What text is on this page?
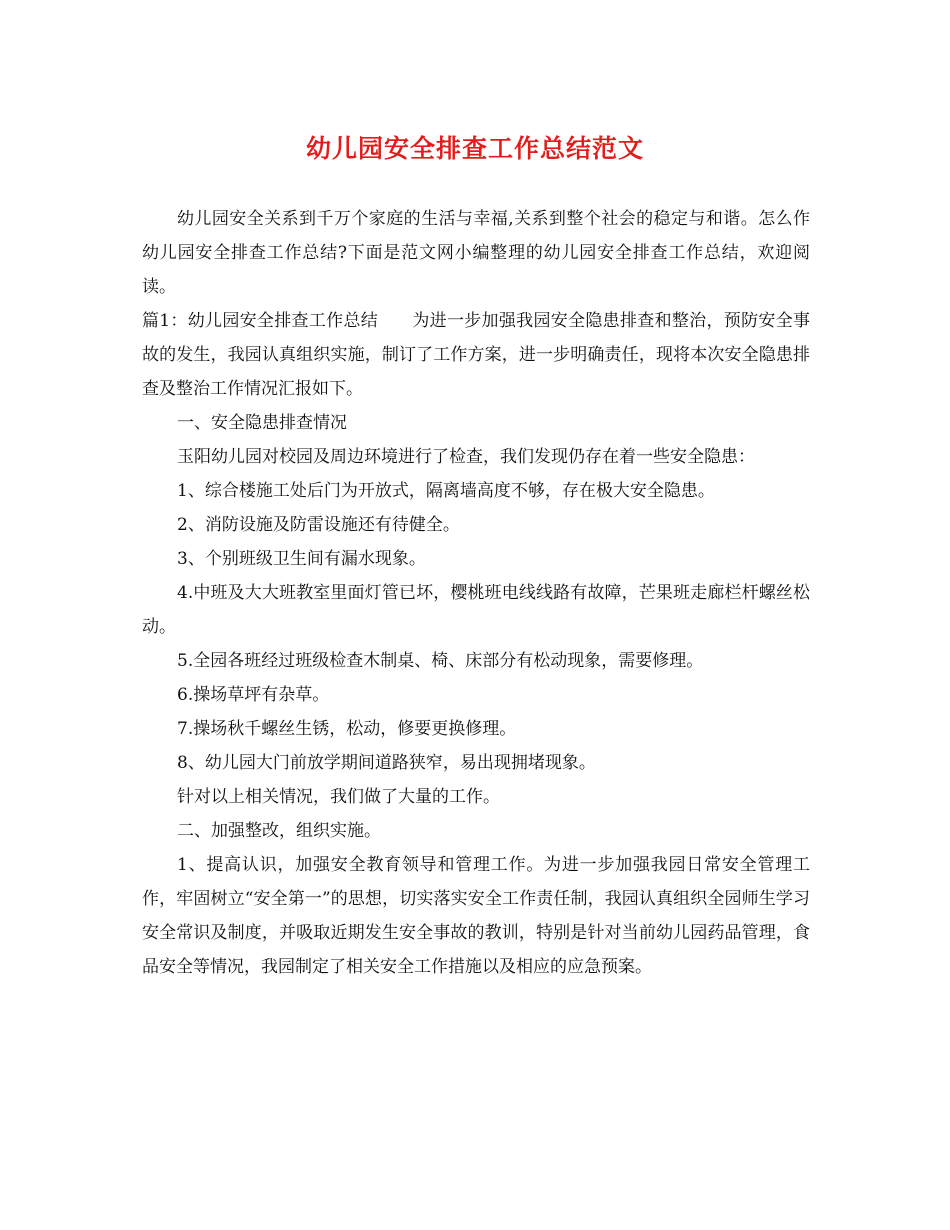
幼儿园安全排查工作总结范文

幼儿园安全关系到千万个家庭的生活与幸福,关系到整个社会的稳定与和谐。怎么作幼儿园安全排查工作总结?下面是范文网小编整理的幼儿园安全排查工作总结，欢迎阅读。

篇1：幼儿园安全排查工作总结 为进一步加强我园安全隐患排查和整治，预防安全事故的发生，我园认真组织实施，制订了工作方案，进一步明确责任，现将本次安全隐患排查及整治工作情况汇报如下。

一、安全隐患排查情况

玉阳幼儿园对校园及周边环境进行了检查，我们发现仍存在着一些安全隐患：

1、综合楼施工处后门为开放式，隔离墙高度不够，存在极大安全隐患。

2、消防设施及防雷设施还有待健全。

3、个别班级卫生间有漏水现象。

4.中班及大大班教室里面灯管已坏，樱桃班电线线路有故障，芒果班走廊栏杆螺丝松动。

5.全园各班经过班级检查木制桌、椅、床部分有松动现象，需要修理。

6.操场草坪有杂草。

7.操场秋千螺丝生锈，松动，修要更换修理。

8、幼儿园大门前放学期间道路狭窄，易出现拥堵现象。

针对以上相关情况，我们做了大量的工作。

二、加强整改，组织实施。

1、提高认识，加强安全教育领导和管理工作。为进一步加强我园日常安全管理工作，牢固树立“安全第一”的思想，切实落实安全工作责任制，我园认真组织全园师生学习安全常识及制度，并吸取近期发生安全事故的教训，特别是针对当前幼儿园药品管理，食品安全等情况，我园制定了相关安全工作措施以及相应的应急预案。
